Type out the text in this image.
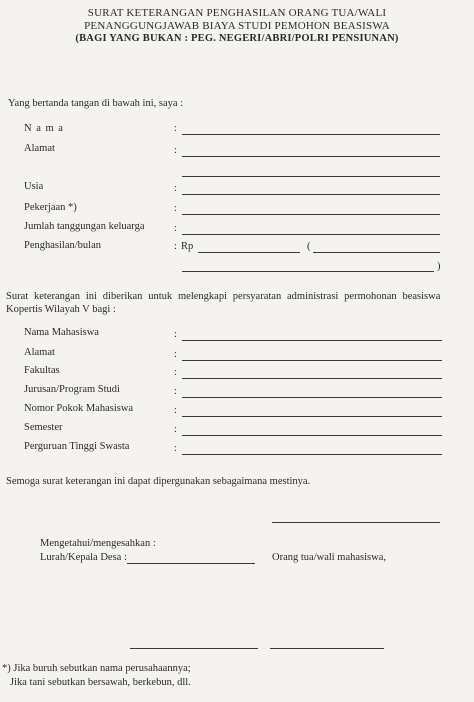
SURAT KETERANGAN PENGHASILAN ORANG TUA/WALI
PENANGGUNGJAWAB BIAYA STUDI PEMOHON BEASISWA
(BAGI YANG BUKAN : PEG. NEGERI/ABRI/POLRI PENSIUNAN)
Yang bertanda tangan di bawah ini, saya :
N a m a	:
Alamat	:
Usia	:
Pekerjaan *)	:
Jumlah tanggungan keluarga	:
Penghasilan/bulan	: Rp	(
)
Surat keterangan ini diberikan untuk melengkapi persyaratan administrasi permohonan beasiswa
Kopertis Wilayah V bagi :
Nama Mahasiswa	:
Alamat	:
Fakultas	:
Jurusan/Program Studi	:
Nomor Pokok Mahasiswa	:
Semester	:
Perguruan Tinggi Swasta	:
Semoga surat keterangan ini dapat dipergunakan sebagaimana mestinya.
Mengetahui/mengesahkan :
Lurah/Kepala Desa :	Orang tua/wali mahasiswa,
*) Jika buruh sebutkan nama perusahaannya;
Jika tani sebutkan bersawah, berkebun, dll.
